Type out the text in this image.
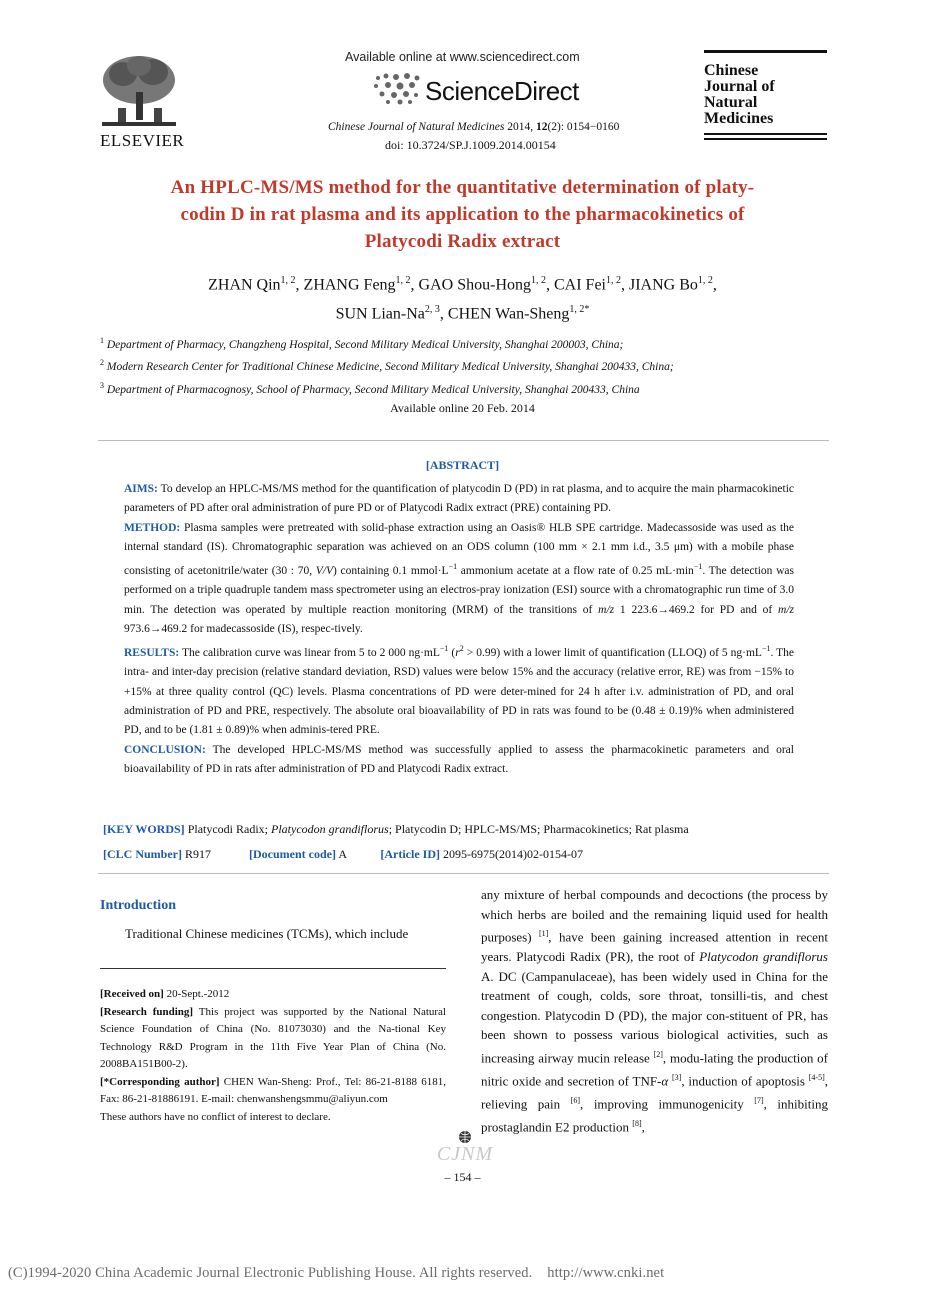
ELSEVIER
Available online at www.sciencedirect.com
ScienceDirect
Chinese Journal of Natural Medicines 2014, 12(2): 0154−0160
doi: 10.3724/SP.J.1009.2014.00154
Chinese
Journal of
Natural
Medicines
An HPLC-MS/MS method for the quantitative determination of platy-
codin D in rat plasma and its application to the pharmacokinetics of
Platycodi Radix extract
ZHAN Qin$^{1, 2}$, ZHANG Feng$^{1, 2}$, GAO Shou-Hong$^{1, 2}$, CAI Fei$^{1, 2}$, JIANG Bo$^{1, 2}$,
SUN Lian-Na$^{2, 3}$, CHEN Wan-Sheng$^{1, 2*}$
$^1$ Department of Pharmacy, Changzheng Hospital, Second Military Medical University, Shanghai 200003, China;
$^2$ Modern Research Center for Traditional Chinese Medicine, Second Military Medical University, Shanghai 200433, China;
$^3$ Department of Pharmacognosy, School of Pharmacy, Second Military Medical University, Shanghai 200433, China
Available online 20 Feb. 2014
[ABSTRACT]

AIMS: To develop an HPLC-MS/MS method for the quantification of platycodin D (PD) in rat plasma, and to acquire the main pharmacokinetic parameters of PD after oral administration of pure PD or of Platycodi Radix extract (PRE) containing PD.

METHOD: Plasma samples were pretreated with solid-phase extraction using an Oasis® HLB SPE cartridge. Madecassoside was used as the internal standard (IS). Chromatographic separation was achieved on an ODS column (100 mm × 2.1 mm i.d., 3.5 μm) with a mobile phase consisting of acetonitrile/water (30 : 70, V/V) containing 0.1 $mmol\cdot L^{-1}$ ammonium acetate at a flow rate of 0.25 $mL\cdot\min^{-1}$. The detection was performed on a triple quadruple tandem mass spectrometer using an electros-pray ionization (ESI) source with a chromatographic run time of 3.0 min. The detection was operated by multiple reaction monitoring (MRM) of the transitions of m/z 1 223.6→469.2 for PD and of m/z 973.6→469.2 for madecassoside (IS), respec-tively.

RESULTS: The calibration curve was linear from 5 to 2 000 $ng\cdot mL^{-1}$ $(r^2 > 0.99)$ with a lower limit of quantification (LLOQ) of 5 $ng\cdot mL^{-1}$. The intra- and inter-day precision (relative standard deviation, RSD) values were below 15% and the accuracy (relative error, RE) was from −15% to +15% at three quality control (QC) levels. Plasma concentrations of PD were deter-mined for 24 h after i.v. administration of PD, and oral administration of PD and PRE, respectively. The absolute oral bioavailability of PD in rats was found to be (0.48 ± 0.19)% when administered PD, and to be (1.81 ± 0.89)% when adminis-tered PRE.

CONCLUSION: The developed HPLC-MS/MS method was successfully applied to assess the pharmacokinetic parameters and oral bioavailability of PD in rats after administration of PD and Platycodi Radix extract.

[KEY WORDS] Platycodi Radix; Platycodon grandiflorus; Platycodin D; HPLC-MS/MS; Pharmacokinetics; Rat plasma
[CLC Number] R917	[Document code] A	[Article ID] 2095-6975(2014)02-0154-07
Introduction
Traditional Chinese medicines (TCMs), which include

[Received on] 20-Sept.-2012

[Research funding] This project was supported by the National Natural Science Foundation of China (No. 81073030) and the Na-tional Key Technology R&D Program in the 11th Five Year Plan of China (No. 2008BA151B00-2).

[*Corresponding author] CHEN Wan-Sheng: Prof., Tel: 86-21-8188 6181, Fax: 86-21-81886191. E-mail: chenwanshengsmmu@aliyun.com

These authors have no conflict of interest to declare.

any mixture of herbal compounds and decoctions (the process by which herbs are boiled and the remaining liquid used for health purposes) [1], have been gaining increased attention in recent years. Platycodi Radix (PR), the root of Platycodon grandiflorus A. DC (Campanulaceae), has been widely used in China for the treatment of cough, colds, sore throat, tonsilli-tis, and chest congestion. Platycodin D (PD), the major con-stituent of PR, has been shown to possess various biological activities, such as increasing airway mucin release [2], modu-lating the production of nitric oxide and secretion of TNF-α [3], induction of apoptosis [4-5], relieving pain [6], improving immunogenicity [7], inhibiting prostaglandin E2 production [8],
CJNM
– 154 –
(C)1994-2020 China Academic Journal Electronic Publishing House. All rights reserved.    http://www.cnki.net
